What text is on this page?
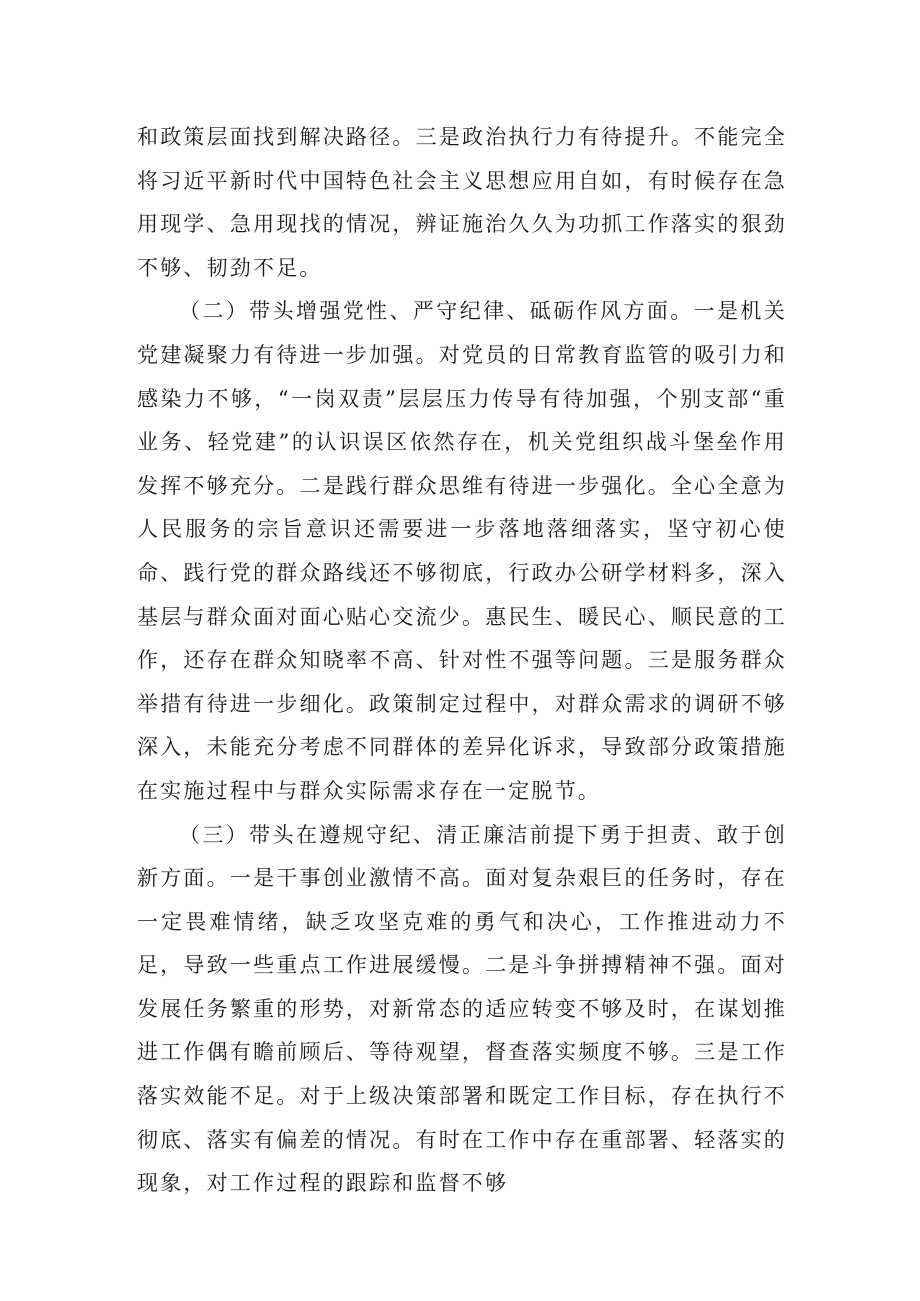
和政策层面找到解决路径。三是政治执行力有待提升。不能完全将习近平新时代中国特色社会主义思想应用自如，有时候存在急用现学、急用现找的情况，辨证施治久久为功抓工作落实的狠劲不够、韧劲不足。

（二）带头增强党性、严守纪律、砥砺作风方面。一是机关党建凝聚力有待进一步加强。对党员的日常教育监管的吸引力和感染力不够，“一岗双责”层层压力传导有待加强，个别支部“重业务、轻党建”的认识误区依然存在，机关党组织战斗堡垒作用发挥不够充分。二是践行群众思维有待进一步强化。全心全意为人民服务的宗旨意识还需要进一步落地落细落实，坚守初心使命、践行党的群众路线还不够彻底，行政办公研学材料多，深入基层与群众面对面心贴心交流少。惠民生、暖民心、顺民意的工作，还存在群众知晓率不高、针对性不强等问题。三是服务群众举措有待进一步细化。政策制定过程中，对群众需求的调研不够深入，未能充分考虑不同群体的差异化诉求，导致部分政策措施在实施过程中与群众实际需求存在一定脱节。

（三）带头在遵规守纪、清正廉洁前提下勇于担责、敢于创新方面。一是干事创业激情不高。面对复杂艰巨的任务时，存在一定畏难情绪，缺乏攻坚克难的勇气和决心，工作推进动力不足，导致一些重点工作进展缓慢。二是斗争拼搏精神不强。面对发展任务繁重的形势，对新常态的适应转变不够及时，在谋划推进工作偶有瞻前顾后、等待观望，督查落实频度不够。三是工作落实效能不足。对于上级决策部署和既定工作目标，存在执行不彻底、落实有偏差的情况。有时在工作中存在重部署、轻落实的现象，对工作过程的跟踪和监督不够
